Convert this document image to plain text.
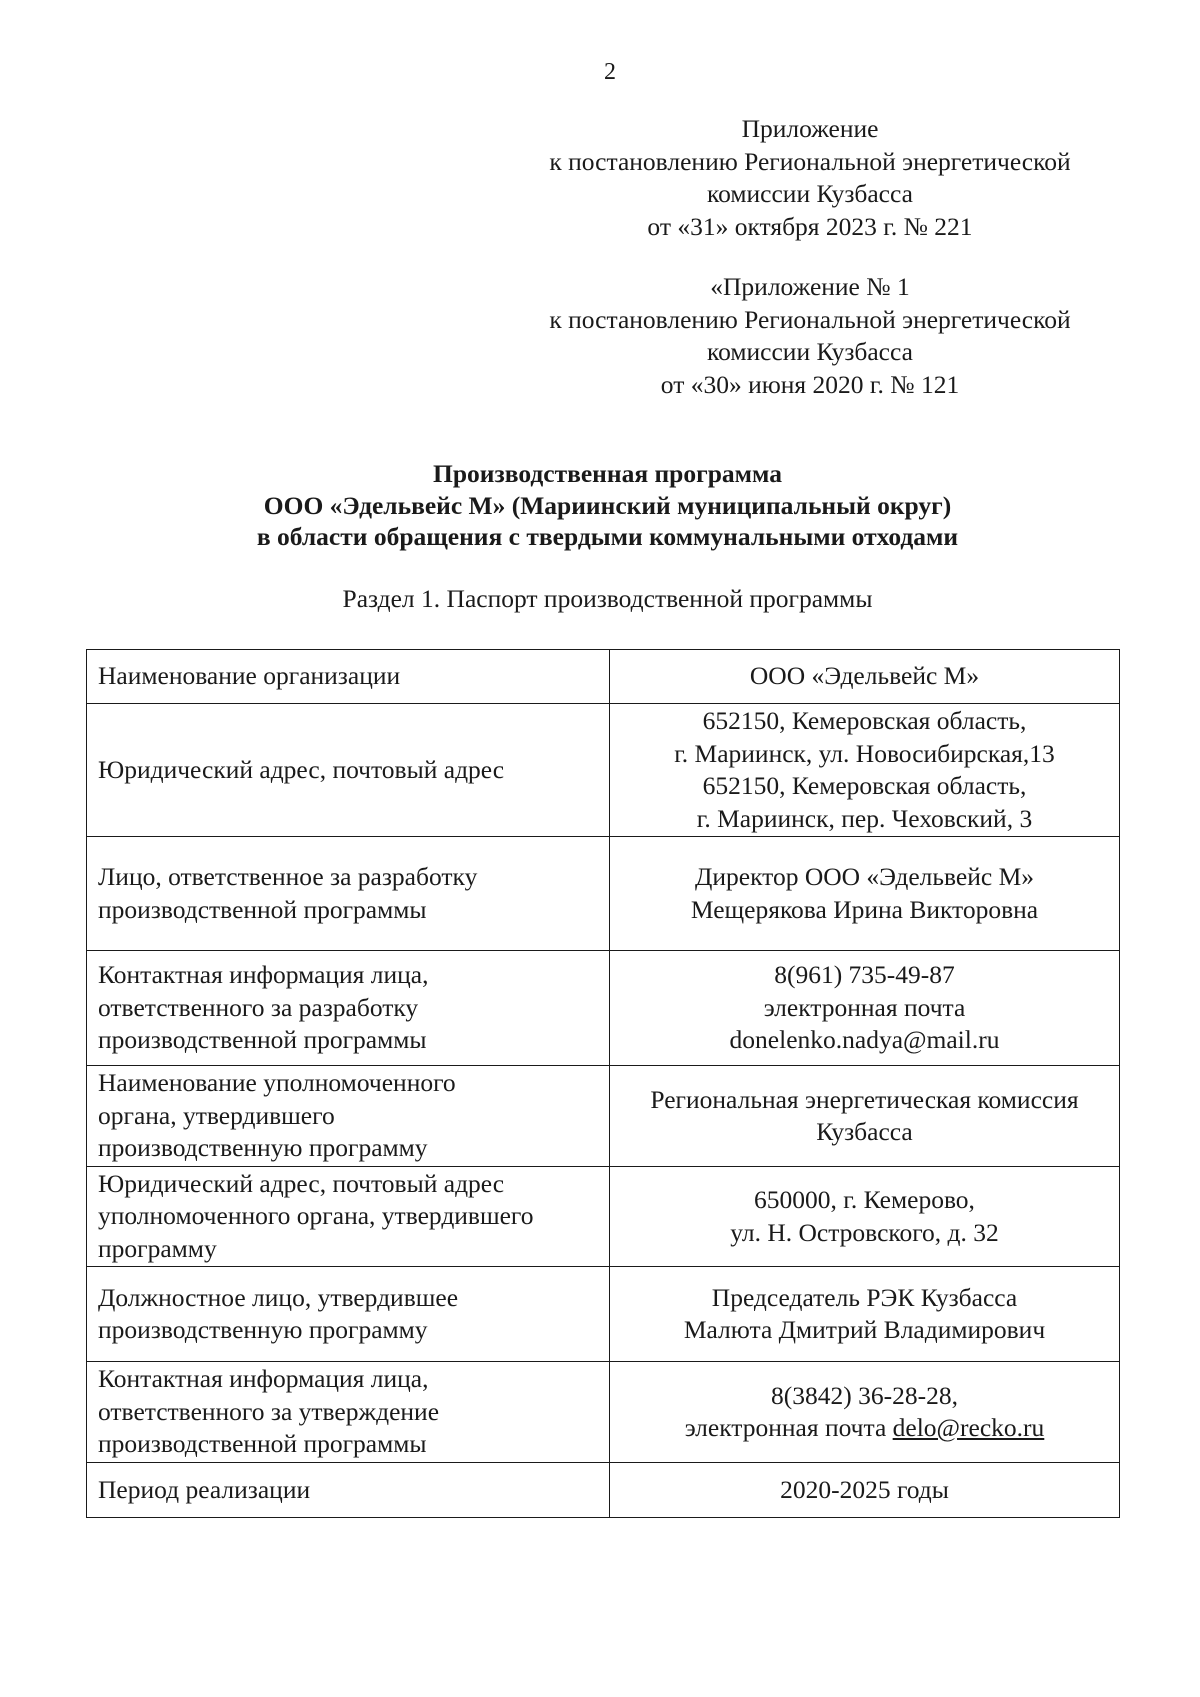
2
Приложение
к постановлению Региональной энергетической
комиссии Кузбасса
от «31» октября 2023 г. № 221
«Приложение № 1
к постановлению Региональной энергетической
комиссии Кузбасса
от «30» июня 2020 г. № 121
Производственная программа
ООО «Эдельвейс М» (Мариинский муниципальный округ)
в области обращения с твердыми коммунальными отходами
Раздел 1. Паспорт производственной программы
Наименование организации	ООО «Эдельвейс М»

Юридический адрес, почтовый адрес	652150, Кемеровская область,
г. Мариинск, ул. Новосибирская,13
652150, Кемеровская область,
г. Мариинск, пер. Чеховский, 3

Лицо, ответственное за разработку
производственной программы	Директор ООО «Эдельвейс М»
Мещерякова Ирина Викторовна

Контактная информация лица,
ответственного за разработку
производственной программы	8(961) 735-49-87
электронная почта
donelenko.nadya@mail.ru

Наименование уполномоченного
органа, утвердившего
производственную программу	Региональная энергетическая комиссия
Кузбасса

Юридический адрес, почтовый адрес
уполномоченного органа, утвердившего
программу	650000, г. Кемерово,
ул. Н. Островского, д. 32

Должностное лицо, утвердившее
производственную программу	Председатель РЭК Кузбасса
Малюта Дмитрий Владимирович

Контактная информация лица,
ответственного за утверждение
производственной программы	8(3842) 36-28-28,
электронная почта delo@recko.ru

Период реализации	2020-2025 годы
